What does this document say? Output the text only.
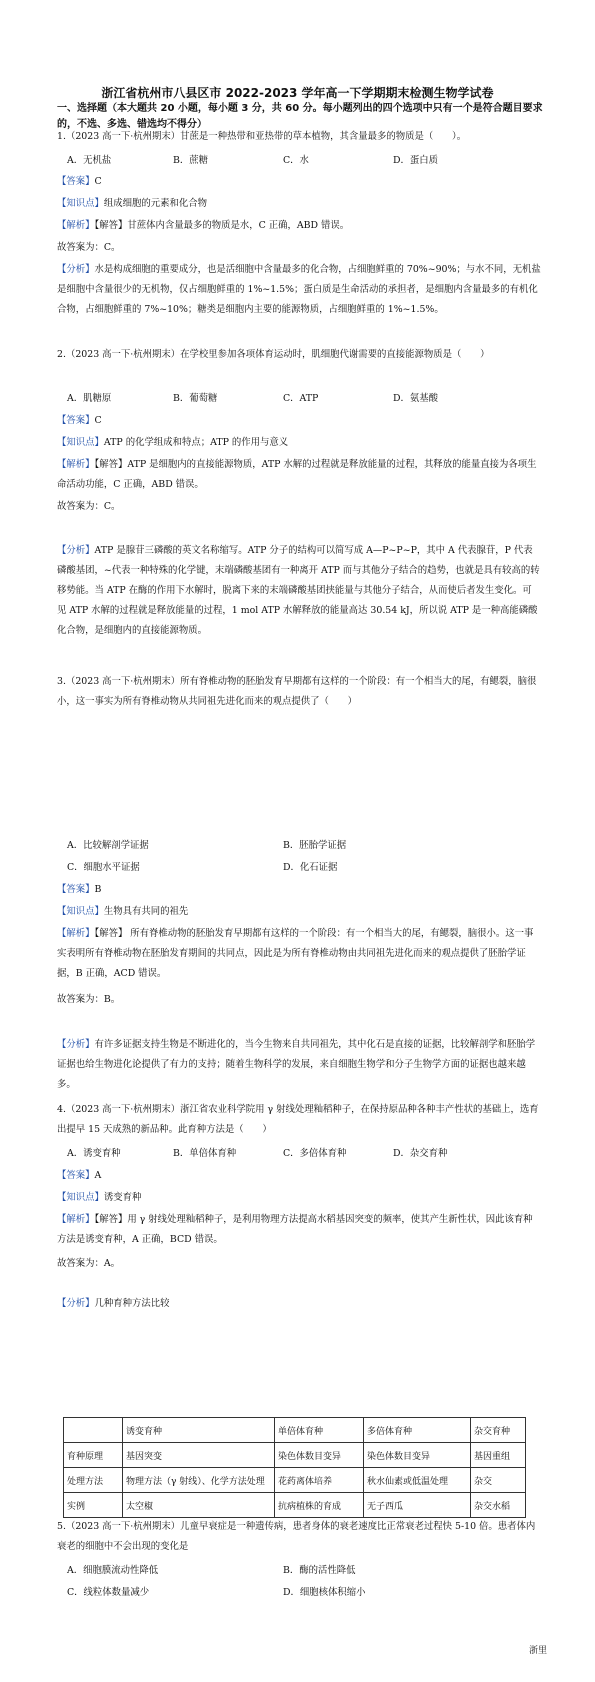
浙江省杭州市八县区市 2022-2023 学年高一下学期期末检测生物学试卷
一、选择题（本大题共 20 小题，每小题 3 分，共 60 分。每小题列出的四个选项中只有一个是符合题目要求的，不选、多选、错选均不得分）
1.（2023 高一下·杭州期末）甘蔗是一种热带和亚热带的草本植物，其含量最多的物质是（　　）。
A．无机盐	B．蔗糖	C．水	D．蛋白质
【答案】C
【知识点】组成细胞的元素和化合物
【解析】【解答】甘蔗体内含量最多的物质是水，C 正确，ABD 错误。
故答案为：C。
【分析】水是构成细胞的重要成分，也是活细胞中含量最多的化合物，占细胞鲜重的 70%~90%；与水不同，无机盐是细胞中含量很少的无机物，仅占细胞鲜重的 1%~1.5%；蛋白质是生命活动的承担者，是细胞内含量最多的有机化合物，占细胞鲜重的 7%~10%；糖类是细胞内主要的能源物质，占细胞鲜重的 1%~1.5%。
2.（2023 高一下·杭州期末）在学校里参加各项体育运动时，肌细胞代谢需要的直接能源物质是（　　）
A．肌糖原	B．葡萄糖	C．ATP	D．氨基酸
【答案】C
【知识点】ATP 的化学组成和特点；ATP 的作用与意义
【解析】【解答】ATP 是细胞内的直接能源物质，ATP 水解的过程就是释放能量的过程，其释放的能量直接为各项生命活动功能，C 正确，ABD 错误。
故答案为：C。
【分析】ATP 是腺苷三磷酸的英文名称缩写。ATP 分子的结构可以简写成 A—P~P~P，其中 A 代表腺苷，P 代表磷酸基团，~代表一种特殊的化学键，末端磷酸基团有一种离开 ATP 而与其他分子结合的趋势，也就是具有较高的转移势能。当 ATP 在酶的作用下水解时，脱离下来的末端磷酸基团挟能量与其他分子结合，从而使后者发生变化。可见 ATP 水解的过程就是释放能量的过程，1 mol ATP 水解释放的能量高达 30.54 kJ，所以说 ATP 是一种高能磷酸化合物，是细胞内的直接能源物质。
3.（2023 高一下·杭州期末）所有脊椎动物的胚胎发育早期都有这样的一个阶段：有一个相当大的尾，有鳃裂，脑很小，这一事实为所有脊椎动物从共同祖先进化而来的观点提供了（　　）
A．比较解剖学证据	B．胚胎学证据
C．细胞水平证据	D．化石证据
【答案】B
【知识点】生物具有共同的祖先
【解析】【解答】 所有脊椎动物的胚胎发育早期都有这样的一个阶段：有一个相当大的尾，有鳃裂，脑很小。这一事实表明所有脊椎动物在胚胎发育期间的共同点，因此是为所有脊椎动物由共同祖先进化而来的观点提供了胚胎学证据，B 正确，ACD 错误。
故答案为：B。
【分析】有许多证据支持生物是不断进化的，当今生物来自共同祖先，其中化石是直接的证据，比较解剖学和胚胎学证据也给生物进化论提供了有力的支持；随着生物科学的发展，来自细胞生物学和分子生物学方面的证据也越来越多。
4.（2023 高一下·杭州期末）浙江省农业科学院用 γ 射线处理籼稻种子，在保持原品种各种丰产性状的基础上，选育出提早 15 天成熟的新品种。此育种方法是（　　）
A．诱变育种	B．单倍体育种	C．多倍体育种	D．杂交育种
【答案】A
【知识点】诱变育种
【解析】【解答】用 γ 射线处理籼稻种子，是利用物理方法提高水稻基因突变的频率，使其产生新性状，因此该育种方法是诱变育种，A 正确，BCD 错误。
故答案为：A。
【分析】几种育种方法比较
	诱变育种	单倍体育种	多倍体育种	杂交育种
育种原理	基因突变	染色体数目变异	染色体数目变异	基因重组
处理方法	物理方法（γ 射线）、化学方法处理	花药离体培养	秋水仙素或低温处理	杂交
实例	太空椒	抗病植株的育成	无子西瓜	杂交水稻
5.（2023 高一下·杭州期末）儿童早衰症是一种遗传病，患者身体的衰老速度比正常衰老过程快 5-10 倍。患者体内衰老的细胞中不会出现的变化是
A．细胞膜流动性降低	B．酶的活性降低
C．线粒体数量减少	D．细胞核体积缩小
浙里
